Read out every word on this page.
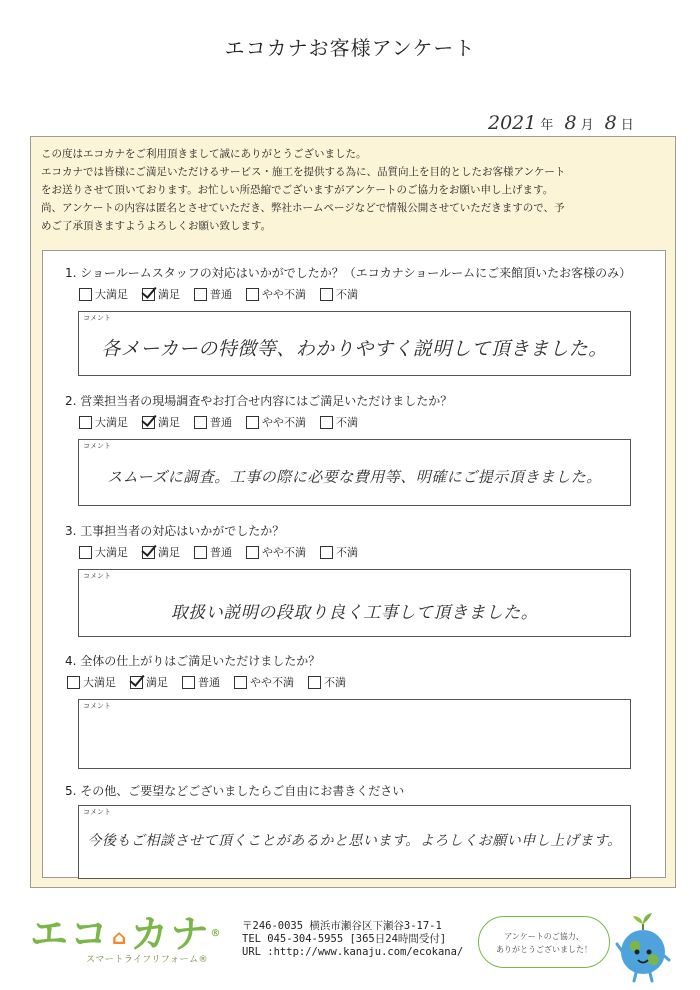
エコカナお客様アンケート
2021 年 8 月 8 日

この度はエコカナをご利用頂きまして誠にありがとうございました。

エコカナでは皆様にご満足いただけるサービス・施工を提供する為に、品質向上を目的としたお客様アンケート

をお送りさせて頂いております。お忙しい所恐縮でございますがアンケートのご協力をお願い申し上げます。

尚、アンケートの内容は匿名とさせていただき、弊社ホームページなどで情報公開させていただきますので、予

めご了承頂きますようよろしくお願い致します。

1. ショールームスタッフの対応はいかがでしたか？（エコカナショールームにご来館頂いたお客様のみ）
大満足	満足	普通	やや不満	不満
コメント
各メーカーの特徴等、わかりやすく説明して頂きました。
2. 営業担当者の現場調査やお打合せ内容にはご満足いただけましたか？
大満足	満足	普通	やや不満	不満
コメント
スムーズに調査。工事の際に必要な費用等、明確にご提示頂きました。
3. 工事担当者の対応はいかがでしたか？
大満足	満足	普通	やや不満	不満
コメント
取扱い説明の段取り良く工事して頂きました。
4. 全体の仕上がりはご満足いただけましたか？
大満足	満足	普通	やや不満	不満
コメント
5. その他、ご要望などございましたらご自由にお書きください
コメント
今後もご相談させて頂くことがあるかと思います。よろしくお願い申し上げます。
エコ ⌂カナ®
スマートライフリフォーム®
〒246-0035 横浜市瀬谷区下瀬谷3-17-1
TEL 045-304-5955 [365日24時間受付]
URL :http://www.kanaju.com/ecokana/
アンケートのご協力、
ありがとうございました！
